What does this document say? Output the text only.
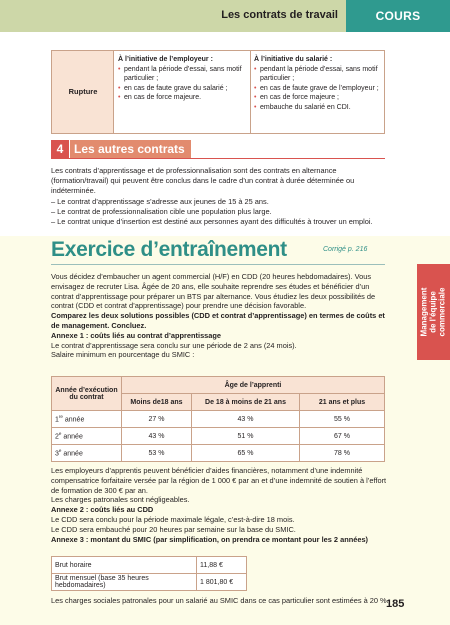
Les contrats de travail	COURS
Rupture
À l’initiative de l’employeur :
• pendant la période d’essai, sans motif particulier ;
• en cas de faute grave du salarié ;
• en cas de force majeure.
À l’initiative du salarié :
• pendant la période d’essai, sans motif particulier ;
• en cas de faute grave de l’employeur ;
• en cas de force majeure ;
• embauche du salarié en CDI.
4 Les autres contrats
Les contrats d’apprentissage et de professionnalisation sont des contrats en alternance (formation/travail) qui peuvent être conclus dans le cadre d’un contrat à durée déterminée ou indéterminée.
– Le contrat d’apprentissage s’adresse aux jeunes de 15 à 25 ans.
– Le contrat de professionnalisation cible une population plus large.
– Le contrat unique d’insertion est destiné aux personnes ayant des difficultés à trouver un emploi.
Exercice d’entraînement	Corrigé p. 216
Management
de l’équipe
commerciale
Vous décidez d’embaucher un agent commercial (H/F) en CDD (20 heures hebdomadaires). Vous envisagez de recruter Lisa. Âgée de 20 ans, elle souhaite reprendre ses études et bénéficier d’un contrat d’apprentissage pour préparer un BTS par alternance. Vous étudiez les deux possibilités de contrat (CDD et contrat d’apprentissage) pour prendre une décision favorable.
Comparez les deux solutions possibles (CDD et contrat d’apprentissage) en termes de coûts et de management. Concluez.
Annexe 1 : coûts liés au contrat d’apprentissage
Le contrat d’apprentissage sera conclu sur une période de 2 ans (24 mois).
Salaire minimum en pourcentage du SMIC :
Année d’exécution du contrat	Âge de l’apprenti		
	Moins de18 ans	De 18 à moins de 21 ans	21 ans et plus
1re année	27 %	43 %	55 %
2e année	43 %	51 %	67 %
3e année	53 %	65 %	78 %
Les employeurs d’apprentis peuvent bénéficier d’aides financières, notamment d’une indemnité compensatrice forfaitaire versée par la région de 1 000 € par an et d’une indemnité de soutien à l’effort de formation de 300 € par an.
Les charges patronales sont négligeables.
Annexe 2 : coûts liés au CDD
Le CDD sera conclu pour la période maximale légale, c’est-à-dire 18 mois.
Le CDD sera embauché pour 20 heures par semaine sur la base du SMIC.
Annexe 3 : montant du SMIC (par simplification, on prendra ce montant pour les 2 années)
Brut horaire	11,88 €
Brut mensuel (base 35 heures hebdomadaires)	1 801,80 €
Les charges sociales patronales pour un salarié au SMIC dans ce cas particulier sont estimées à 20 %.
185
